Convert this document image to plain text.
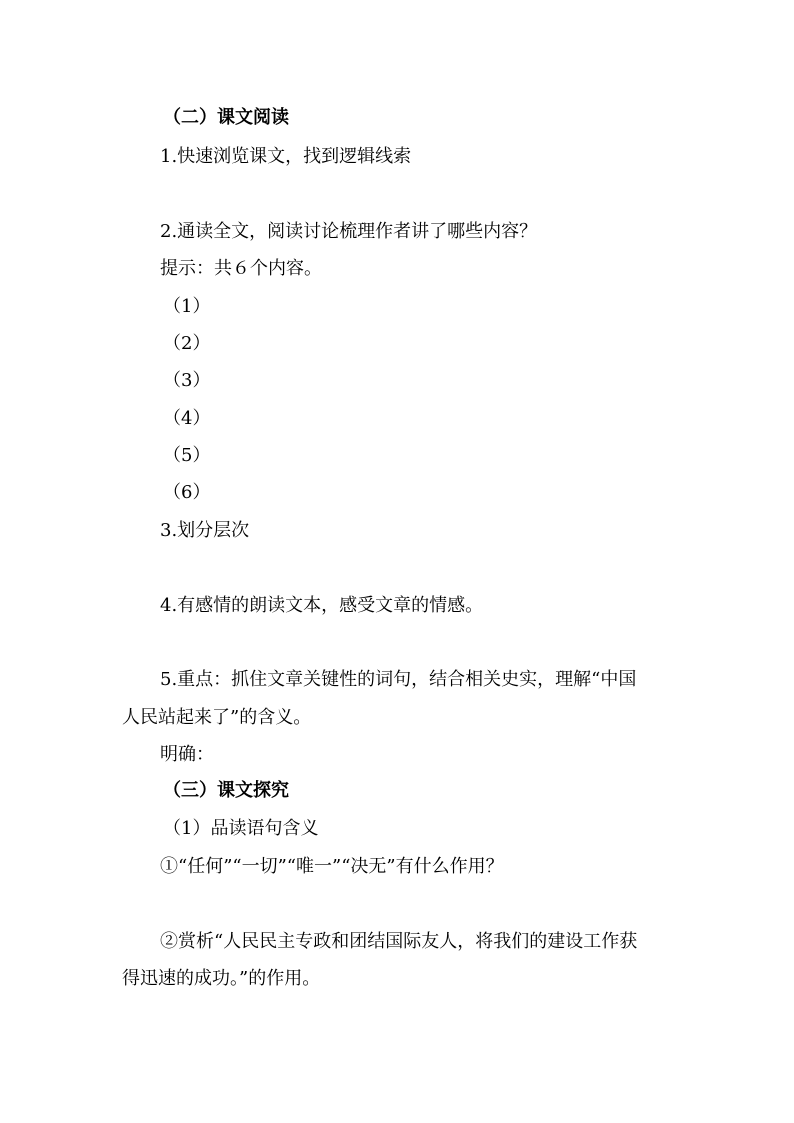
（二）课文阅读
1.快速浏览课文，找到逻辑线索
2.通读全文，阅读讨论梳理作者讲了哪些内容？
提示：共６个内容。
（1）
（2）
（3）
（4）
（5）
（6）
3.划分层次
4.有感情的朗读文本，感受文章的情感。
5.重点：抓住文章关键性的词句，结合相关史实，理解“中国
人民站起来了”的含义。
明确：
（三）课文探究
（1）品读语句含义
①“任何”“一切”“唯一”“决无”有什么作用？
②赏析“人民民主专政和团结国际友人，将我们的建设工作获
得迅速的成功。”的作用。
